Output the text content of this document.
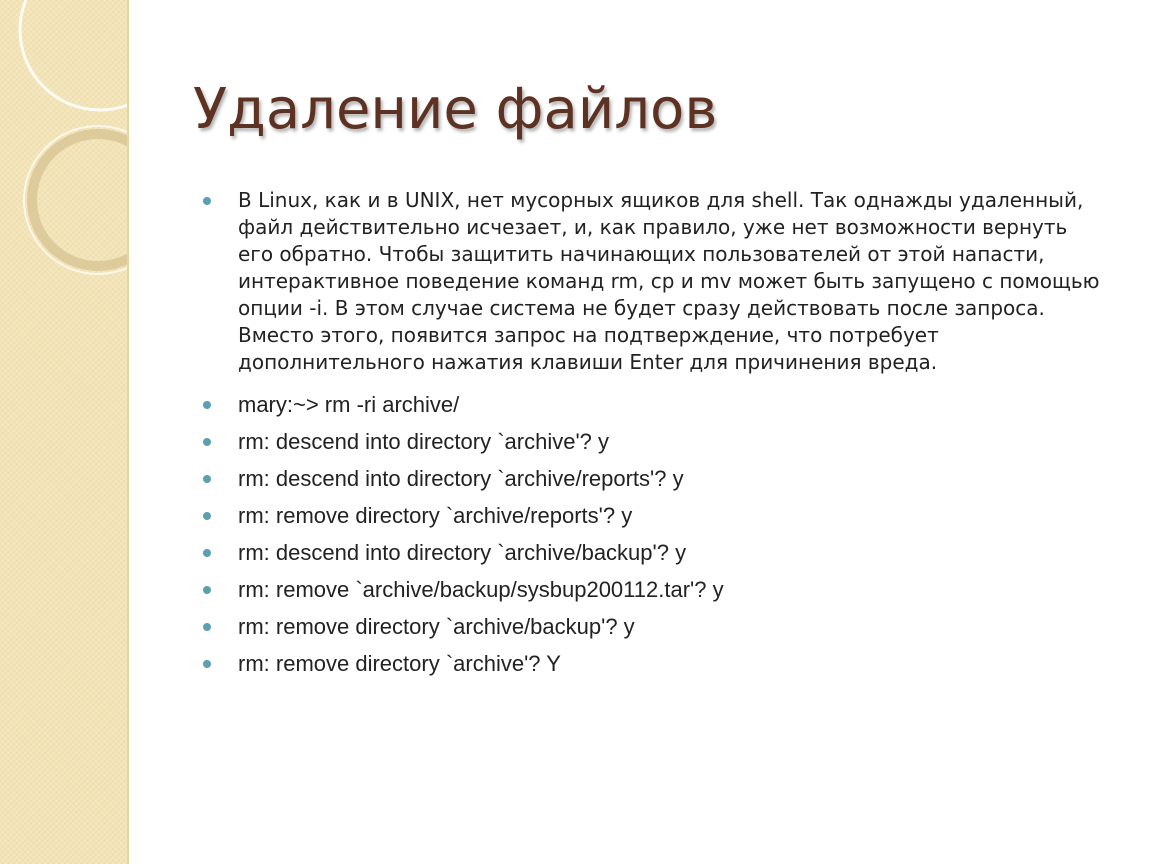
Удаление файлов
В Linux, как и в UNIX, нет мусорных ящиков для shell. Так однажды удаленный, файл действительно исчезает, и, как правило, уже нет возможности вернуть его обратно. Чтобы защитить начинающих пользователей от этой напасти, интерактивное поведение команд rm, cp и mv может быть запущено с помощью опции -i. В этом случае система не будет сразу действовать после запроса. Вместо этого, появится запрос на подтверждение, что потребует дополнительного нажатия клавиши Enter для причинения вреда.
mary:~> rm -ri archive/
rm: descend into directory `archive'? y
rm: descend into directory `archive/reports'? y
rm: remove directory `archive/reports'? y
rm: descend into directory `archive/backup'? y
rm: remove `archive/backup/sysbup200112.tar'? y
rm: remove directory `archive/backup'? y
rm: remove directory `archive'? Y
